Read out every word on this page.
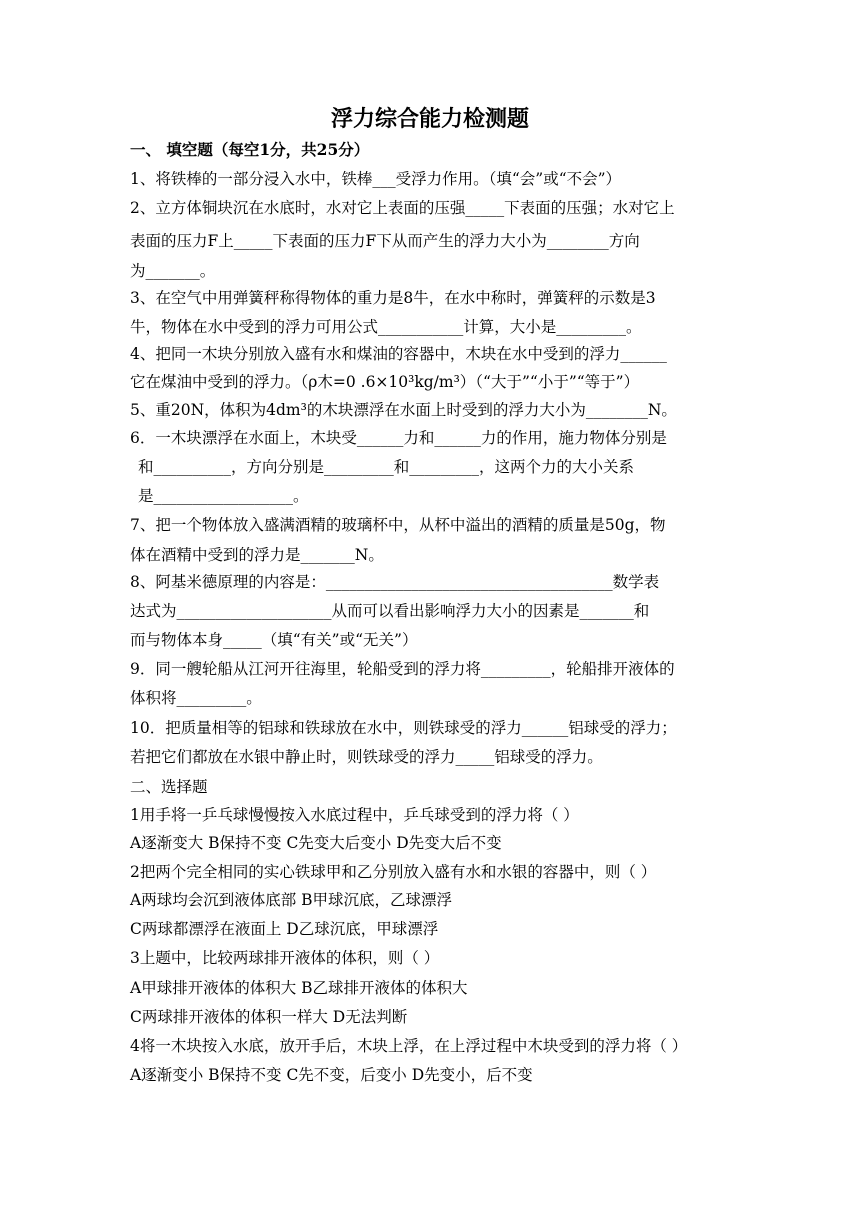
浮力综合能力检测题
一、 填空题（每空1分，共25分）
1、将铁棒的一部分浸入水中，铁棒___受浮力作用。（填“会”或“不会”）
2、立方体铜块沉在水底时，水对它上表面的压强_____下表面的压强；水对它上
表面的压力F上_____下表面的压力F下从而产生的浮力大小为________方向
为_______。
3、在空气中用弹簧秤称得物体的重力是8牛，在水中称时，弹簧秤的示数是3
牛，物体在水中受到的浮力可用公式___________计算，大小是_________。
4、把同一木块分别放入盛有水和煤油的容器中，木块在水中受到的浮力______
它在煤油中受到的浮力。（ρ木=0 .6×10³kg/m³）（“大于”“小于”“等于”）
5、重20N，体积为4dm³的木块漂浮在水面上时受到的浮力大小为________N。
6．一木块漂浮在水面上，木块受______力和______力的作用，施力物体分别是
和__________，方向分别是_________和_________，这两个力的大小关系
是__________________。
7、把一个物体放入盛满酒精的玻璃杯中，从杯中溢出的酒精的质量是50g，物
体在酒精中受到的浮力是_______N。
8、阿基米德原理的内容是：_____________________________________数学表
达式为____________________从而可以看出影响浮力大小的因素是_______和
而与物体本身_____（填“有关”或“无关”）
9．同一艘轮船从江河开往海里，轮船受到的浮力将_________，轮船排开液体的
体积将_________。
10．把质量相等的铝球和铁球放在水中，则铁球受的浮力______铝球受的浮力；
若把它们都放在水银中静止时，则铁球受的浮力_____铝球受的浮力。
二、选择题
1用手将一乒乓球慢慢按入水底过程中，乒乓球受到的浮力将（ ）
A逐渐变大 B保持不变 C先变大后变小 D先变大后不变
2把两个完全相同的实心铁球甲和乙分别放入盛有水和水银的容器中，则（ ）
A两球均会沉到液体底部 B甲球沉底，乙球漂浮
C两球都漂浮在液面上 D乙球沉底，甲球漂浮
3上题中，比较两球排开液体的体积，则（ ）
A甲球排开液体的体积大 B乙球排开液体的体积大
C两球排开液体的体积一样大 D无法判断
4将一木块按入水底，放开手后，木块上浮，在上浮过程中木块受到的浮力将（ ）
A逐渐变小 B保持不变 C先不变，后变小 D先变小，后不变
